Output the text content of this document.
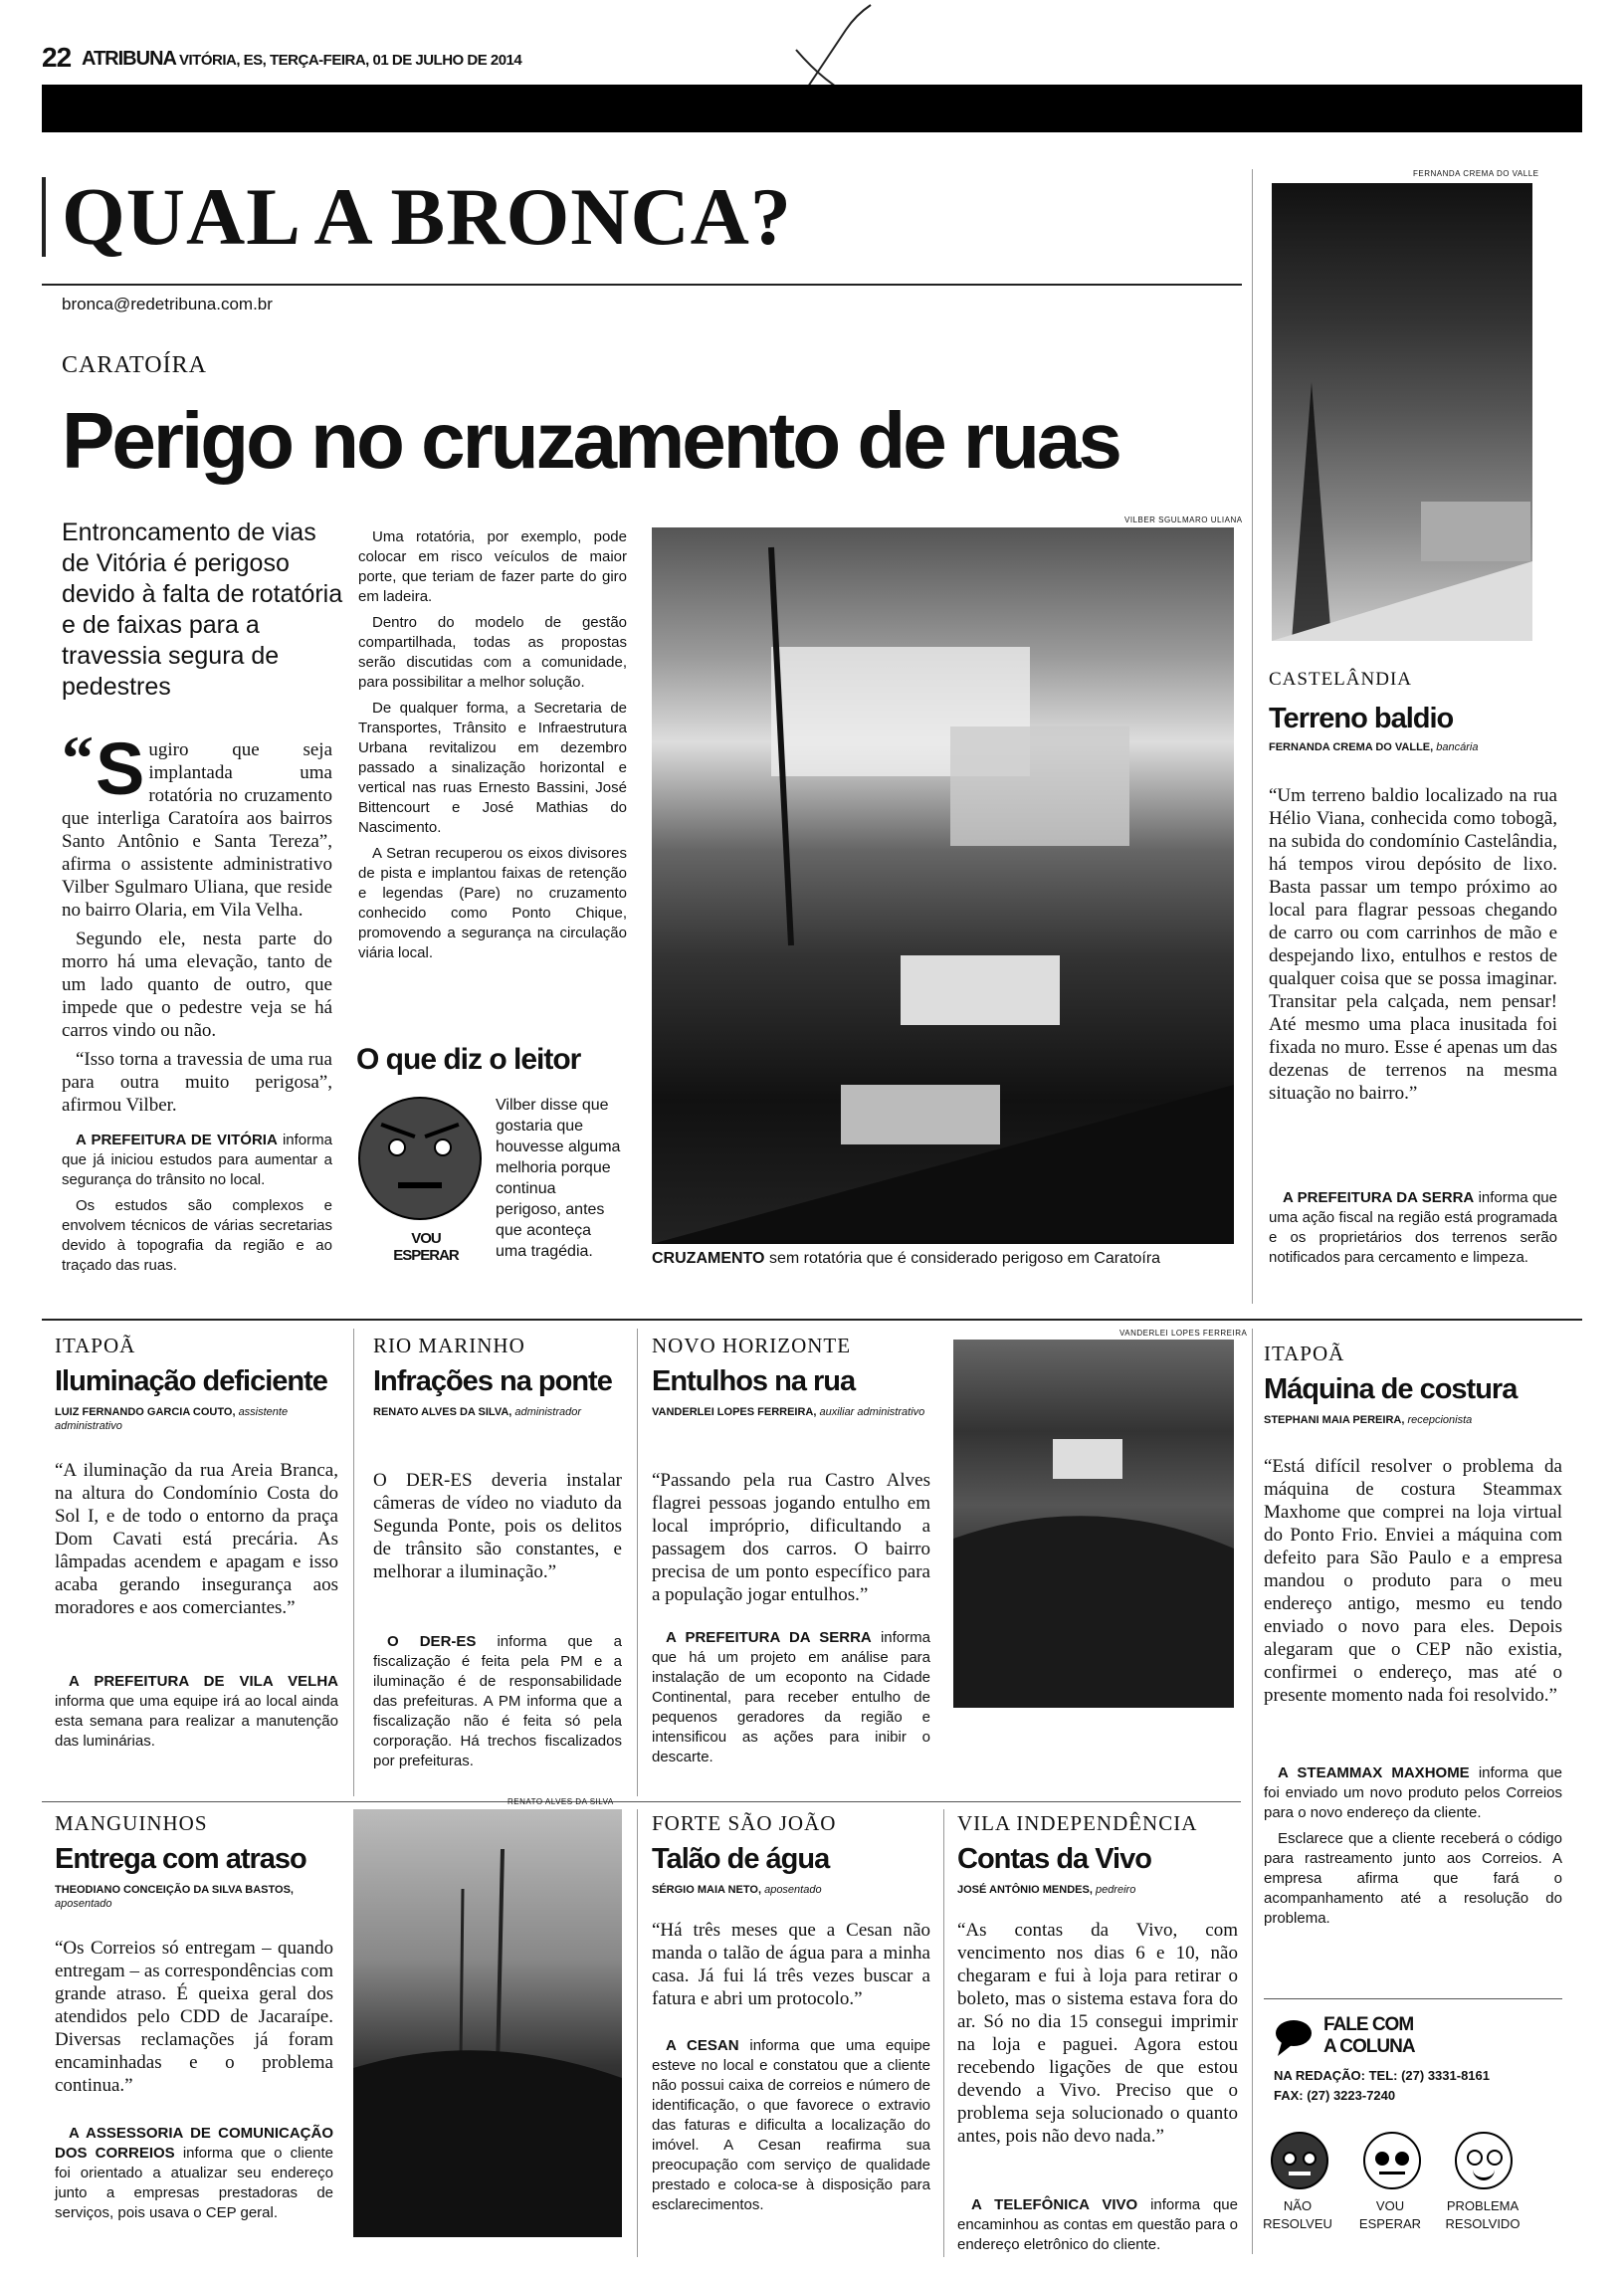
22 ATRIBUNA VITÓRIA, ES, TERÇA-FEIRA, 01 DE JULHO DE 2014
QUAL A BRONCA?
bronca@redetribuna.com.br
CARATOÍRA
Perigo no cruzamento de ruas
Entroncamento de vias de Vitória é perigoso devido à falta de rotatória e de faixas para a travessia segura de pedestres

“ S ugiro que seja implantada uma rotatória no cruzamento que interliga Caratoíra aos bairros Santo Antônio e Santa Tereza”, afirma o assistente administrativo Vilber Sgulmaro Uliana, que reside no bairro Olaria, em Vila Velha.

Segundo ele, nesta parte do morro há uma elevação, tanto de um lado quanto de outro, que impede que o pedestre veja se há carros vindo ou não.

“Isso torna a travessia de uma rua para outra muito perigosa”, afirmou Vilber.

A PREFEITURA DE VITÓRIA informa que já iniciou estudos para aumentar a segurança do trânsito no local.

Os estudos são complexos e envolvem técnicos de várias secretarias devido à topografia da região e ao traçado das ruas.

Uma rotatória, por exemplo, pode colocar em risco veículos de maior porte, que teriam de fazer parte do giro em ladeira.

Dentro do modelo de gestão compartilhada, todas as propostas serão discutidas com a comunidade, para possibilitar a melhor solução.

De qualquer forma, a Secretaria de Transportes, Trânsito e Infraestrutura Urbana revitalizou em dezembro passado a sinalização horizontal e vertical nas ruas Ernesto Bassini, José Bittencourt e José Mathias do Nascimento.

A Setran recuperou os eixos divisores de pista e implantou faixas de retenção e legendas (Pare) no cruzamento conhecido como Ponto Chique, promovendo a segurança na circulação viária local.

O que diz o leitor
VOU ESPERAR
Vilber disse que gostaria que houvesse alguma melhoria porque continua perigoso, antes que aconteça uma tragédia.
VILBER SGULMARO ULIANA
CRUZAMENTO sem rotatória que é considerado perigoso em Caratoíra
FERNANDA CREMA DO VALLE
CASTELÂNDIA
Terreno baldio
FERNANDA CREMA DO VALLE, bancária
“Um terreno baldio localizado na rua Hélio Viana, conhecida como tobogã, na subida do condomínio Castelândia, há tempos virou depósito de lixo. Basta passar um tempo próximo ao local para flagrar pessoas chegando de carro ou com carrinhos de mão e despejando lixo, entulhos e restos de qualquer coisa que se possa imaginar. Transitar pela calçada, nem pensar! Até mesmo uma placa inusitada foi fixada no muro. Esse é apenas um das dezenas de terrenos na mesma situação no bairro.”
A PREFEITURA DA SERRA informa que uma ação fiscal na região está programada e os proprietários dos terrenos serão notificados para cercamento e limpeza.
ITAPOÃ
Iluminação deficiente
LUIZ FERNANDO GARCIA COUTO, assistente administrativo
“A iluminação da rua Areia Branca, na altura do Condomínio Costa do Sol I, e de todo o entorno da praça Dom Cavati está precária. As lâmpadas acendem e apagam e isso acaba gerando insegurança aos moradores e aos comerciantes.”
A PREFEITURA DE VILA VELHA informa que uma equipe irá ao local ainda esta semana para realizar a manutenção das luminárias.
RIO MARINHO
Infrações na ponte
RENATO ALVES DA SILVA, administrador
O DER-ES deveria instalar câmeras de vídeo no viaduto da Segunda Ponte, pois os delitos de trânsito são constantes, e melhorar a iluminação.”
O DER-ES informa que a fiscalização é feita pela PM e a iluminação é de responsabilidade das prefeituras. A PM informa que a fiscalização não é feita só pela corporação. Há trechos fiscalizados por prefeituras.
NOVO HORIZONTE
Entulhos na rua
VANDERLEI LOPES FERREIRA, auxiliar administrativo
“Passando pela rua Castro Alves flagrei pessoas jogando entulho em local impróprio, dificultando a passagem dos carros. O bairro precisa de um ponto específico para a população jogar entulhos.”
A PREFEITURA DA SERRA informa que há um projeto em análise para instalação de um ecoponto na Cidade Continental, para receber entulho de pequenos geradores da região e intensificou as ações para inibir o descarte.
VANDERLEI LOPES FERREIRA
ITAPOÃ
Máquina de costura
STEPHANI MAIA PEREIRA, recepcionista
“Está difícil resolver o problema da máquina de costura Steammax Maxhome que comprei na loja virtual do Ponto Frio. Enviei a máquina com defeito para São Paulo e a empresa mandou o produto para o meu endereço antigo, mesmo eu tendo enviado o novo para eles. Depois alegaram que o CEP não existia, confirmei o endereço, mas até o presente momento nada foi resolvido.”

A STEAMMAX MAXHOME informa que foi enviado um novo produto pelos Correios para o novo endereço da cliente.

Esclarece que a cliente receberá o código para rastreamento junto aos Correios. A empresa afirma que fará o acompanhamento até a resolução do problema.

MANGUINHOS
Entrega com atraso
THEODIANO CONCEIÇÃO DA SILVA BASTOS, aposentado
“Os Correios só entregam – quando entregam – as correspondências com grande atraso. É queixa geral dos atendidos pelo CDD de Jacaraípe. Diversas reclamações já foram encaminhadas e o problema continua.”
A ASSESSORIA DE COMUNICAÇÃO DOS CORREIOS informa que o cliente foi orientado a atualizar seu endereço junto a empresas prestadoras de serviços, pois usava o CEP geral.
RENATO ALVES DA SILVA
FORTE SÃO JOÃO
Talão de água
SÉRGIO MAIA NETO, aposentado
“Há três meses que a Cesan não manda o talão de água para a minha casa. Já fui lá três vezes buscar a fatura e abri um protocolo.”
A CESAN informa que uma equipe esteve no local e constatou que a cliente não possui caixa de correios e número de identificação, o que favorece o extravio das faturas e dificulta a localização do imóvel. A Cesan reafirma sua preocupação com serviço de qualidade prestado e coloca-se à disposição para esclarecimentos.
VILA INDEPENDÊNCIA
Contas da Vivo
JOSÉ ANTÔNIO MENDES, pedreiro
“As contas da Vivo, com vencimento nos dias 6 e 10, não chegaram e fui à loja para retirar o boleto, mas o sistema estava fora do ar. Só no dia 15 consegui imprimir na loja e paguei. Agora estou recebendo ligações de que estou devendo a Vivo. Preciso que o problema seja solucionado o quanto antes, pois não devo nada.”
A TELEFÔNICA VIVO informa que encaminhou as contas em questão para o endereço eletrônico do cliente.
FALE COM
A COLUNA
NA REDAÇÃO: TEL: (27) 3331-8161
FAX: (27) 3223-7240
NÃO RESOLVEU
VOU ESPERAR
PROBLEMA RESOLVIDO
